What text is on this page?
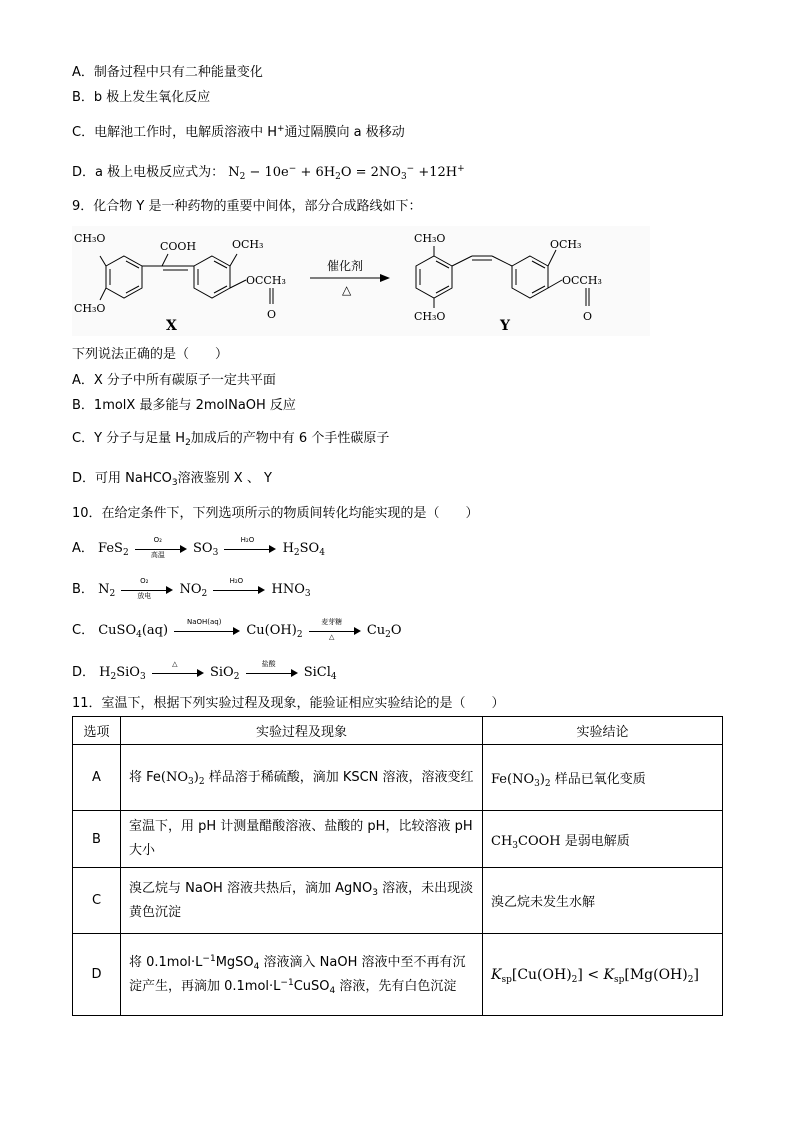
A．制备过程中只有二种能量变化
B．b 极上发生氧化反应
C．电解池工作时，电解质溶液中 H+通过隔膜向 a 极移动
D．a 极上电极反应式为： $N_2 - 10e^- + 6H_2O = 2NO_3^- +12H^+$
9．化合物 Y 是一种药物的重要中间体，部分合成路线如下：
CH₃O
CH₃O
COOH	OCH₃
OCCH₃
O
X
催化剂
△
CH₃O
CH₃O
OCH₃
OCCH₃
O
Y
下列说法正确的是（　　）
A．X 分子中所有碳原子一定共平面
B．1molX 最多能与 2molNaOH 反应
C．Y 分子与足量 $H_2$加成后的产物中有 6 个手性碳原子
D．可用 NaHCO$_3$溶液鉴别 X 、 Y
10．在给定条件下，下列选项所示的物质间转化均能实现的是（　　）
A． FeS$_2$
O₂
高温	$SO_3$
H₂O
$H_2SO_4$
B． $N_2$
O₂
放电	$NO_2$
H₂O
$HNO_3$
C． CuSO$_4$(aq)
NaOH(aq)
$Cu(OH)_2$
麦芽糖
△	$Cu_2O$
D． $H_2SiO_3$
△
SiO$_2$
盐酸
SiCl$_4$
11．室温下，根据下列实验过程及现象，能验证相应实验结论的是（　　）
选项	实验过程及现象	实验结论
A	将 $Fe(NO_3)_2$ 样品溶于稀硫酸，滴加 KSCN 溶液，溶液变红	$Fe(NO_3)_2$ 样品已氧化变质
B	室温下，用 pH 计测量醋酸溶液、盐酸的 pH，比较溶液 pH 大小	$CH_3COOH$ 是弱电解质
C	溴乙烷与 NaOH 溶液共热后，滴加 AgNO$_3$ 溶液，未出现淡黄色沉淀	溴乙烷未发生水解
D	将 $0.1mol\cdot L^{-1}MgSO_4$ 溶液滴入 NaOH 溶液中至不再有沉淀产生，再滴加 $0.1mol\cdot L^{-1}CuSO_4$ 溶液，先有白色沉淀	$K_{sp}[Cu(OH)_2] < K_{sp}[Mg(OH)_2]$
